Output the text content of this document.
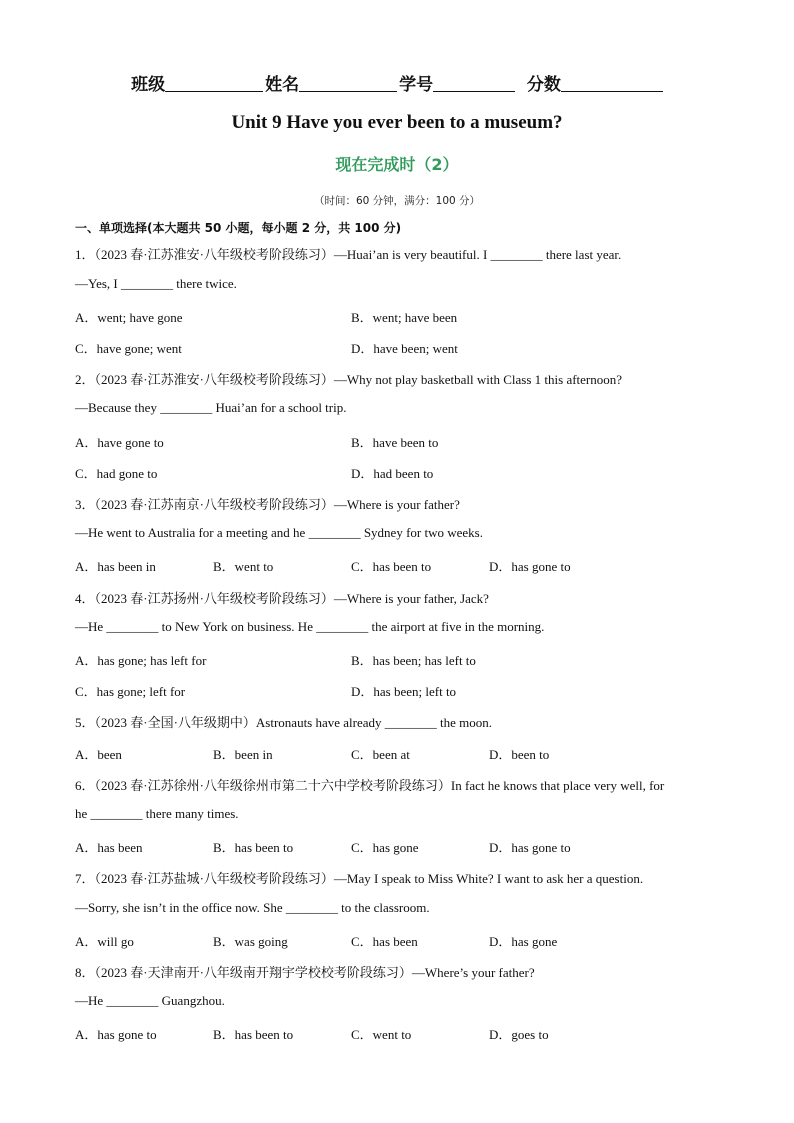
班级	姓名	学号	分数
Unit 9 Have you ever been to a museum?
现在完成时（2）
（时间：60 分钟，满分：100 分）
一、单项选择(本大题共 50 小题，每小题 2 分，共 100 分)
1．（2023 春·江苏淮安·八年级校考阶段练习）—Huai’an is very beautiful. I ________ there last year.
—Yes, I ________ there twice.
A．went; have gone	B．went; have been
C．have gone; went	D．have been; went
2．（2023 春·江苏淮安·八年级校考阶段练习）—Why not play basketball with Class 1 this afternoon?
—Because they ________ Huai’an for a school trip.
A．have gone to	B．have been to
C．had gone to	D．had been to
3．（2023 春·江苏南京·八年级校考阶段练习）—Where is your father?
—He went to Australia for a meeting and he ________ Sydney for two weeks.
A．has been in	B．went to	C．has been to	D．has gone to
4．（2023 春·江苏扬州·八年级校考阶段练习）—Where is your father, Jack?
—He ________ to New York on business. He ________ the airport at five in the morning.
A．has gone; has left for	B．has been; has left to
C．has gone; left for	D．has been; left to
5．（2023 春·全国·八年级期中）Astronauts have already ________ the moon.
A．been	B．been in	C．been at	D．been to
6．（2023 春·江苏徐州·八年级徐州市第二十六中学校考阶段练习）In fact he knows that place very well, for
he ________ there many times.
A．has been	B．has been to	C．has gone	D．has gone to
7．（2023 春·江苏盐城·八年级校考阶段练习）—May I speak to Miss White? I want to ask her a question.
—Sorry, she isn’t in the office now. She ________ to the classroom.
A．will go	B．was going	C．has been	D．has gone
8．（2023 春·天津南开·八年级南开翔宇学校校考阶段练习）—Where’s your father?
—He ________ Guangzhou.
A．has gone to	B．has been to	C．went to	D．goes to
